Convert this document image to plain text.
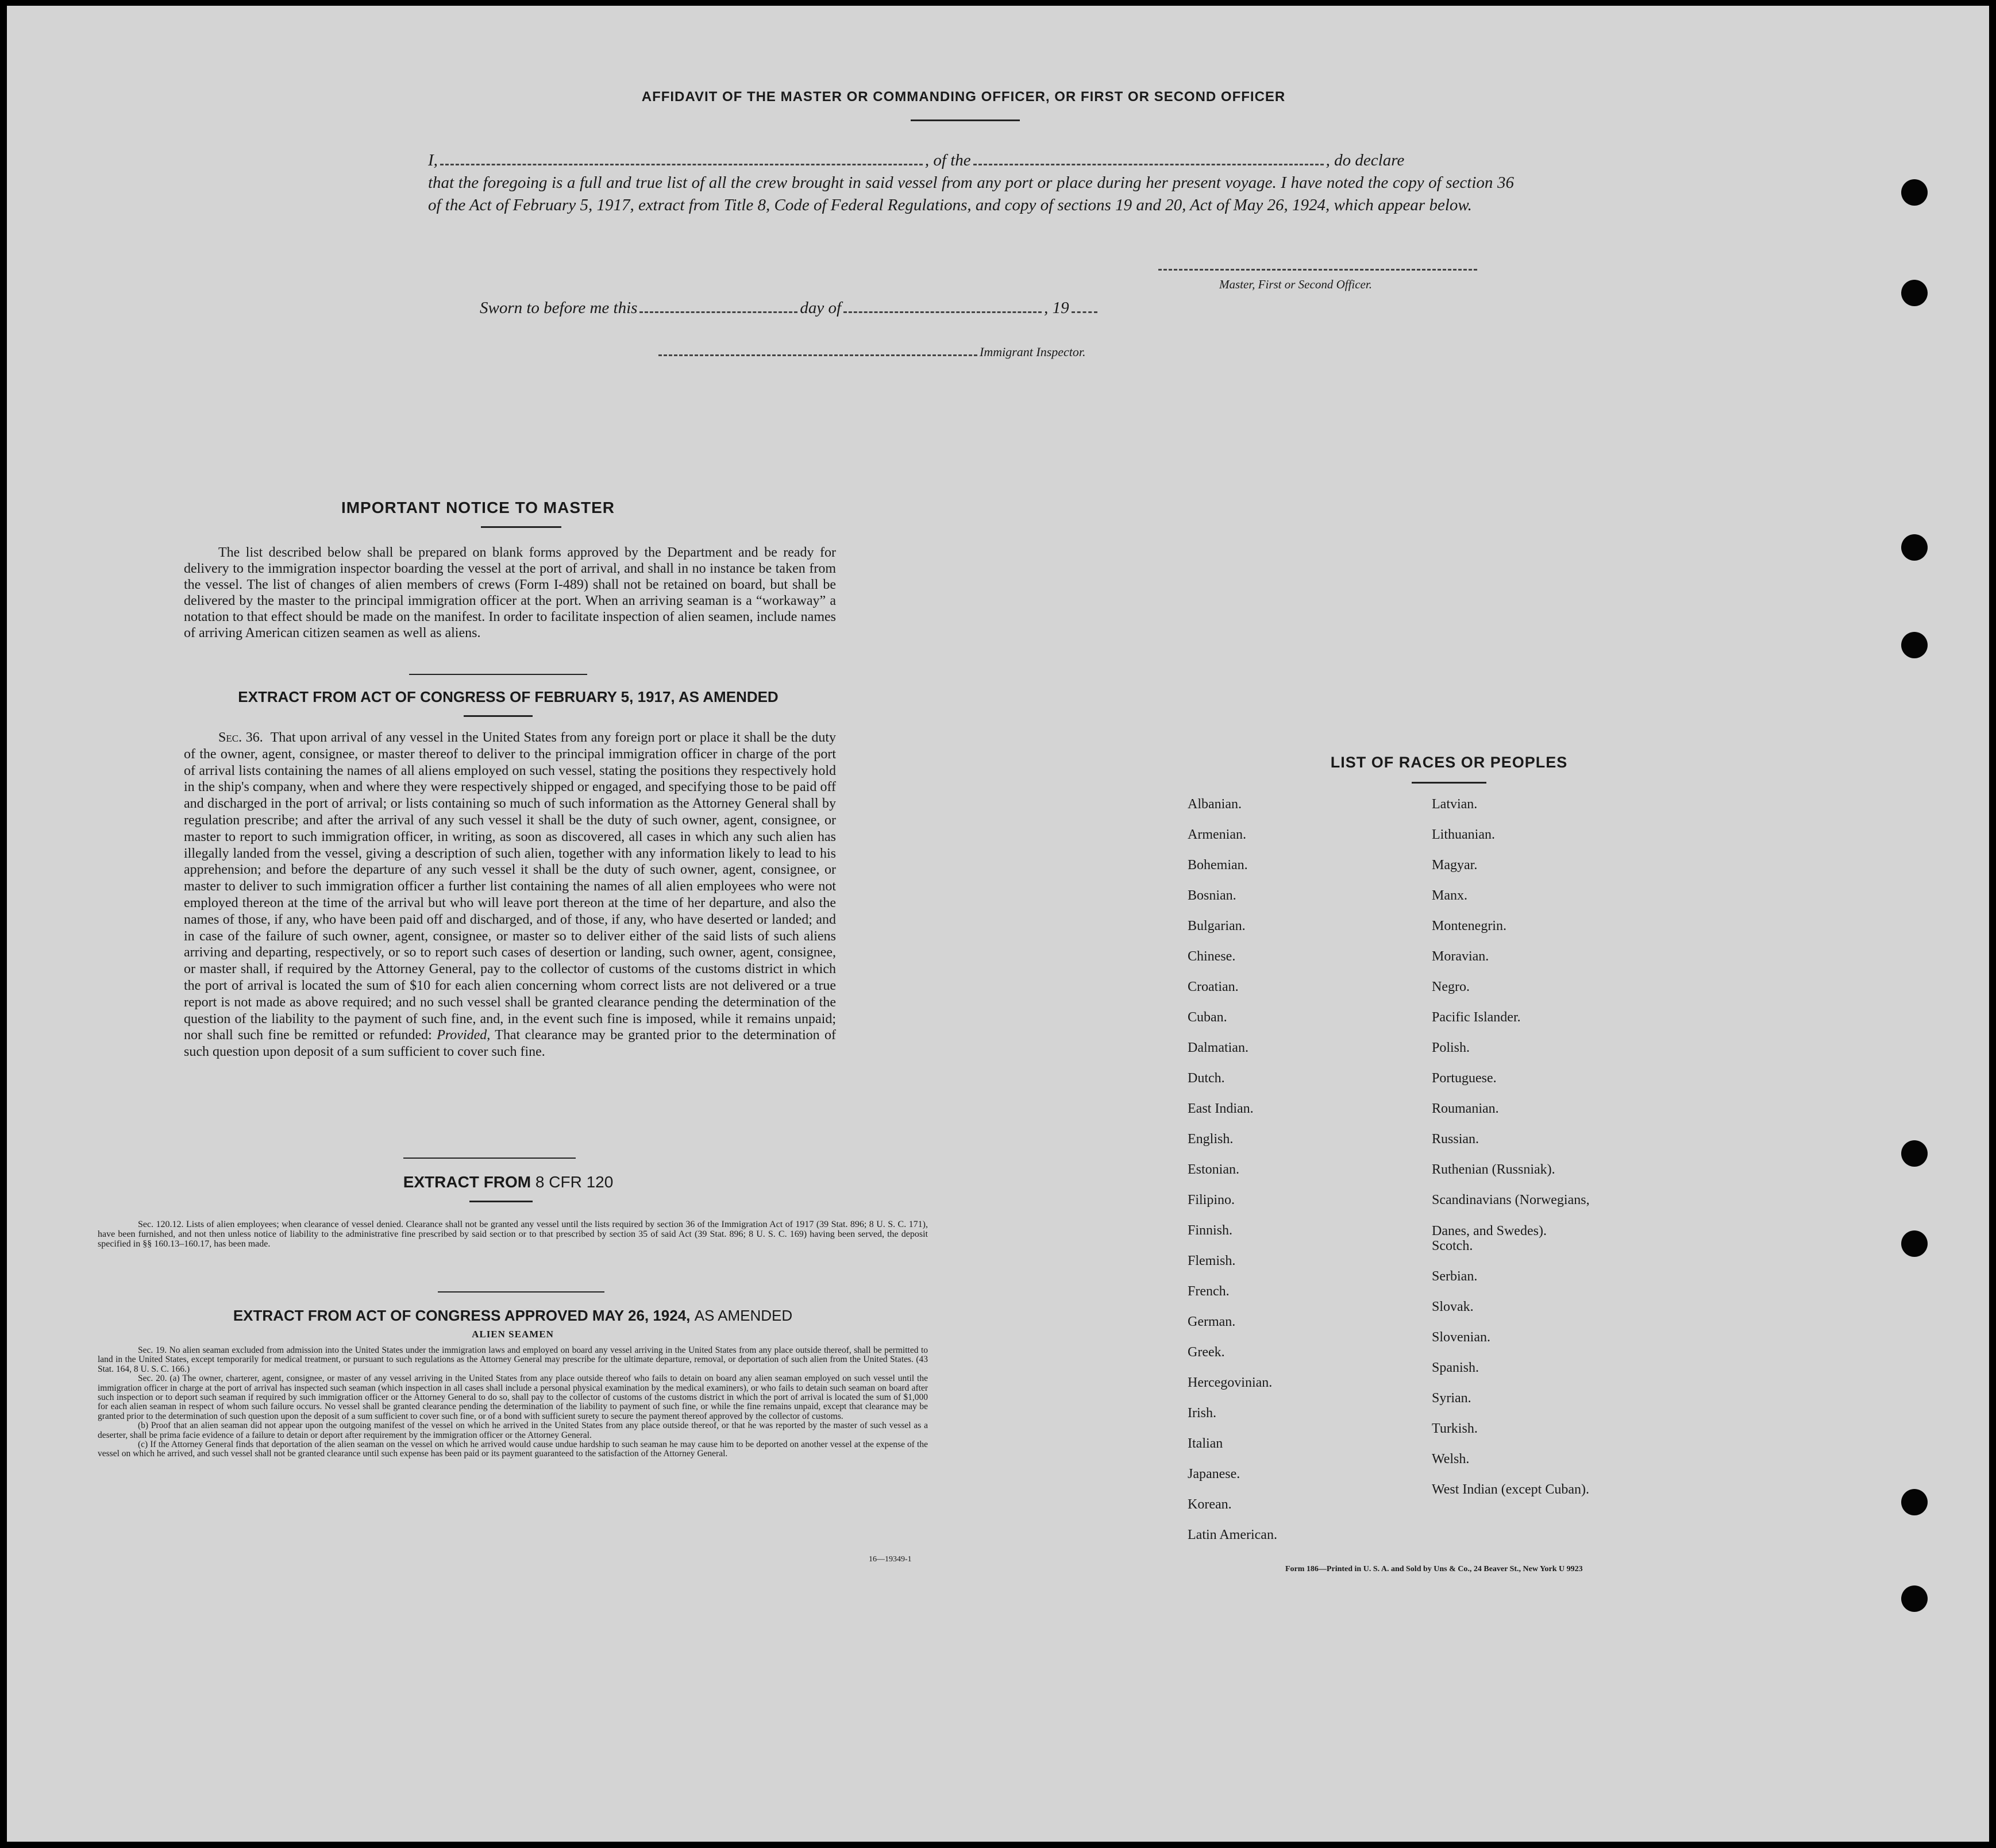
AFFIDAVIT OF THE MASTER OR COMMANDING OFFICER, OR FIRST OR SECOND OFFICER
I,	, of the	, do declare
that the foregoing is a full and true list of all the crew brought in said vessel from any port or place during her present voyage. I have noted the copy of section 36 of the Act of February 5, 1917, extract from Title 8, Code of Federal Regulations, and copy of sections 19 and 20, Act of May 26, 1924, which appear below.
Master, First or Second Officer.
Sworn to before me this	day of	, 19
Immigrant Inspector.
IMPORTANT NOTICE TO MASTER
The list described below shall be prepared on blank forms approved by the Department and be ready for delivery to the immigration inspector boarding the vessel at the port of arrival, and shall in no instance be taken from the vessel. The list of changes of alien members of crews (Form I-489) shall not be retained on board, but shall be delivered by the master to the principal immigration officer at the port. When an arriving seaman is a “workaway” a notation to that effect should be made on the manifest. In order to facilitate inspection of alien seamen, include names of arriving American citizen seamen as well as aliens.
EXTRACT FROM ACT OF CONGRESS OF FEBRUARY 5, 1917, AS AMENDED
Sec. 36. That upon arrival of any vessel in the United States from any foreign port or place it shall be the duty of the owner, agent, consignee, or master thereof to deliver to the principal immigration officer in charge of the port of arrival lists containing the names of all aliens employed on such vessel, stating the positions they respectively hold in the ship's company, when and where they were respectively shipped or engaged, and specifying those to be paid off and discharged in the port of arrival; or lists containing so much of such information as the Attorney General shall by regulation prescribe; and after the arrival of any such vessel it shall be the duty of such owner, agent, consignee, or master to report to such immigration officer, in writing, as soon as discovered, all cases in which any such alien has illegally landed from the vessel, giving a description of such alien, together with any information likely to lead to his apprehension; and before the departure of any such vessel it shall be the duty of such owner, agent, consignee, or master to deliver to such immigration officer a further list containing the names of all alien employees who were not employed thereon at the time of the arrival but who will leave port thereon at the time of her departure, and also the names of those, if any, who have been paid off and discharged, and of those, if any, who have deserted or landed; and in case of the failure of such owner, agent, consignee, or master so to deliver either of the said lists of such aliens arriving and departing, respectively, or so to report such cases of desertion or landing, such owner, agent, consignee, or master shall, if required by the Attorney General, pay to the collector of customs of the customs district in which the port of arrival is located the sum of $10 for each alien concerning whom correct lists are not delivered or a true report is not made as above required; and no such vessel shall be granted clearance pending the determination of the question of the liability to the payment of such fine, and, in the event such fine is imposed, while it remains unpaid; nor shall such fine be remitted or refunded: Provided, That clearance may be granted prior to the determination of such question upon deposit of a sum sufficient to cover such fine.
EXTRACT FROM 8 CFR 120
Sec. 120.12. Lists of alien employees; when clearance of vessel denied. Clearance shall not be granted any vessel until the lists required by section 36 of the Immigration Act of 1917 (39 Stat. 896; 8 U. S. C. 171), have been furnished, and not then unless notice of liability to the administrative fine prescribed by said section or to that prescribed by section 35 of said Act (39 Stat. 896; 8 U. S. C. 169) having been served, the deposit specified in §§ 160.13–160.17, has been made.
EXTRACT FROM ACT OF CONGRESS APPROVED MAY 26, 1924, AS AMENDED
ALIEN SEAMEN

Sec. 19. No alien seaman excluded from admission into the United States under the immigration laws and employed on board any vessel arriving in the United States from any place outside thereof, shall be permitted to land in the United States, except temporarily for medical treatment, or pursuant to such regulations as the Attorney General may prescribe for the ultimate departure, removal, or deportation of such alien from the United States. (43 Stat. 164, 8 U. S. C. 166.)

Sec. 20. (a) The owner, charterer, agent, consignee, or master of any vessel arriving in the United States from any place outside thereof who fails to detain on board any alien seaman employed on such vessel until the immigration officer in charge at the port of arrival has inspected such seaman (which inspection in all cases shall include a personal physical examination by the medical examiners), or who fails to detain such seaman on board after such inspection or to deport such seaman if required by such immigration officer or the Attorney General to do so, shall pay to the collector of customs of the customs district in which the port of arrival is located the sum of $1,000 for each alien seaman in respect of whom such failure occurs. No vessel shall be granted clearance pending the determination of the liability to payment of such fine, or while the fine remains unpaid, except that clearance may be granted prior to the determination of such question upon the deposit of a sum sufficient to cover such fine, or of a bond with sufficient surety to secure the payment thereof approved by the collector of customs.

(b) Proof that an alien seaman did not appear upon the outgoing manifest of the vessel on which he arrived in the United States from any place outside thereof, or that he was reported by the master of such vessel as a deserter, shall be prima facie evidence of a failure to detain or deport after requirement by the immigration officer or the Attorney General.

(c) If the Attorney General finds that deportation of the alien seaman on the vessel on which he arrived would cause undue hardship to such seaman he may cause him to be deported on another vessel at the expense of the vessel on which he arrived, and such vessel shall not be granted clearance until such expense has been paid or its payment guaranteed to the satisfaction of the Attorney General.

16—19349-1
LIST OF RACES OR PEOPLES
Albanian.
Armenian.
Bohemian.
Bosnian.
Bulgarian.
Chinese.
Croatian.
Cuban.
Dalmatian.
Dutch.
East Indian.
English.
Estonian.
Filipino.
Finnish.
Flemish.
French.
German.
Greek.
Hercegovinian.
Irish.
Italian
Japanese.
Korean.
Latin American.
Latvian.
Lithuanian.
Magyar.
Manx.
Montenegrin.
Moravian.
Negro.
Pacific Islander.
Polish.
Portuguese.
Roumanian.
Russian.
Ruthenian (Russniak).
Scandinavians (Norwegians,
Danes, and Swedes).
Scotch.
Serbian.
Slovak.
Slovenian.
Spanish.
Syrian.
Turkish.
Welsh.
West Indian (except Cuban).
Form 186—Printed in U. S. A. and Sold by Uns & Co., 24 Beaver St., New York U 9923
